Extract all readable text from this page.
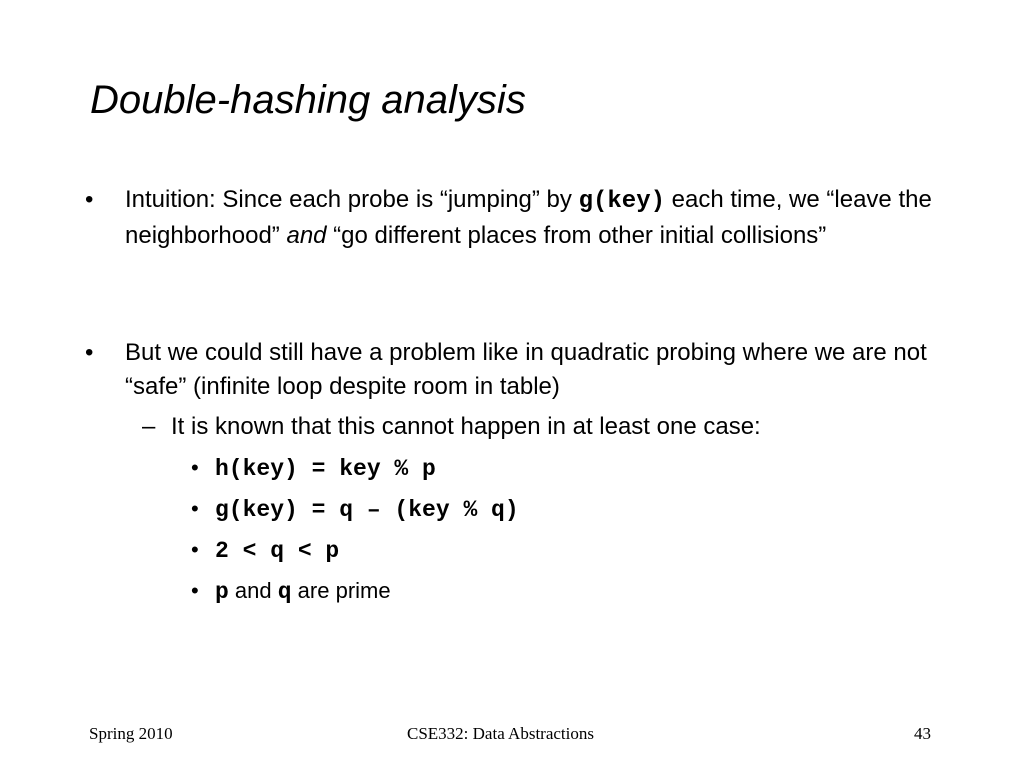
Double-hashing analysis
•	Intuition: Since each probe is “jumping” by g(key) each time, we “leave the neighborhood” and “go different places from other initial collisions”
•	But we could still have a problem like in quadratic probing where we are not “safe” (infinite loop despite room in table)
– It is known that this cannot happen in at least one case:
• h(key) = key % p
• g(key) = q – (key % q)
• 2 < q < p
• p and q are prime
Spring 2010	CSE332: Data Abstractions	43
